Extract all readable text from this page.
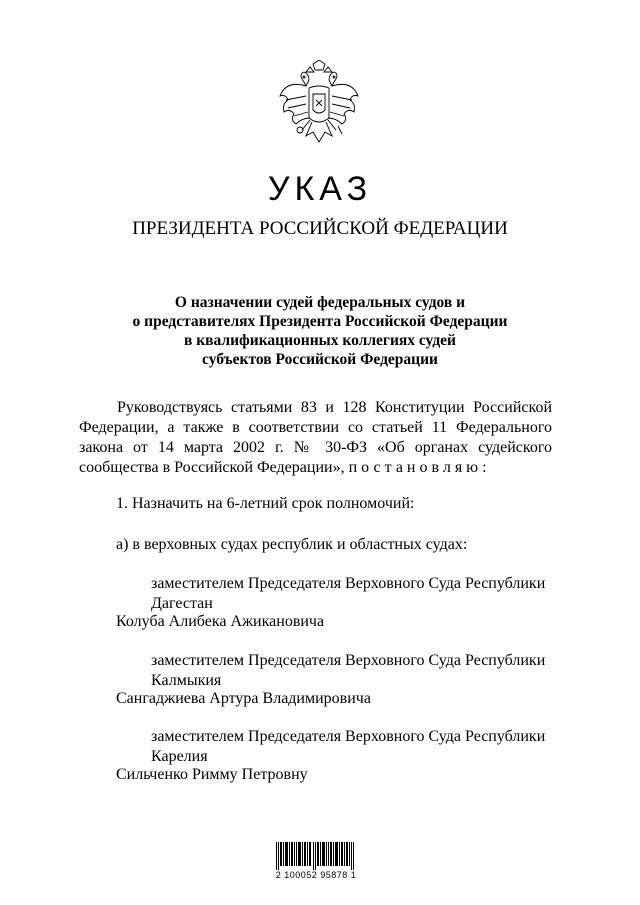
УКАЗ
ПРЕЗИДЕНТА РОССИЙСКОЙ ФЕДЕРАЦИИ
О назначении судей федеральных судов и
о представителях Президента Российской Федерации
в квалификационных коллегиях судей
субъектов Российской Федерации
Руководствуясь статьями 83 и 128 Конституции Российской
Федерации, а также в соответствии со статьей 11 Федерального
закона от 14 марта 2002 г. № 30-ФЗ «Об органах судейского
сообщества в Российской Федерации», постановляю:
1. Назначить на 6-летний срок полномочий:
а) в верховных судах республик и областных судах:
заместителем Председателя Верховного Суда Республики
Дагестан
Колуба Алибека Ажикановича
заместителем Председателя Верховного Суда Республики
Калмыкия
Сангаджиева Артура Владимировича
заместителем Председателя Верховного Суда Республики
Карелия
Сильченко Римму Петровну
2 100052 95878 1
